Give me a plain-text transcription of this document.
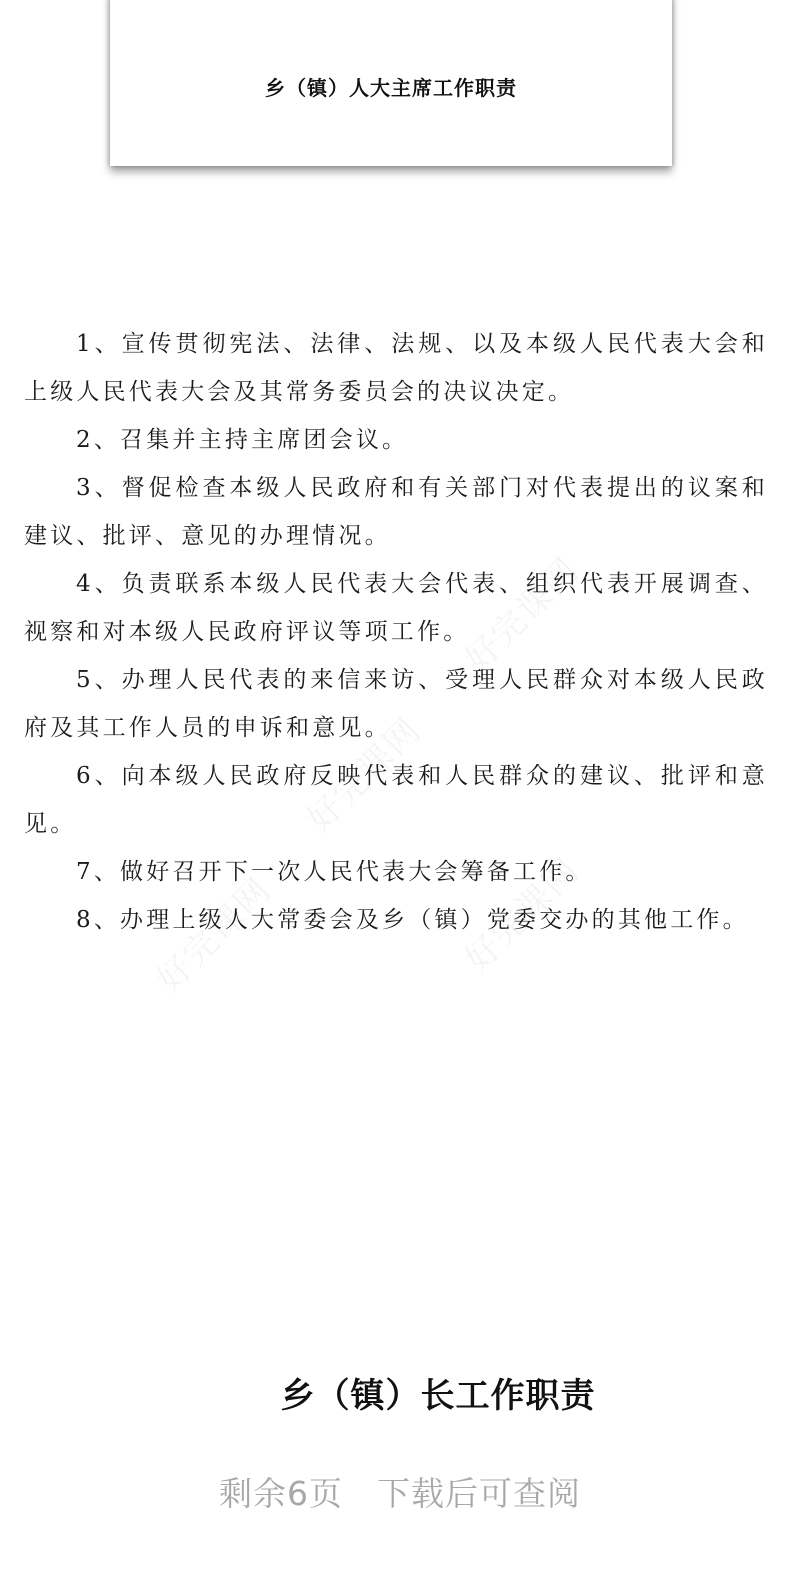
乡（镇）人大主席工作职责

1、宣传贯彻宪法、法律、法规、以及本级人民代表大会和上级人民代表大会及其常务委员会的决议决定。

2、召集并主持主席团会议。

3、督促检查本级人民政府和有关部门对代表提出的议案和建议、批评、意见的办理情况。

4、负责联系本级人民代表大会代表、组织代表开展调查、视察和对本级人民政府评议等项工作。

5、办理人民代表的来信来访、受理人民群众对本级人民政府及其工作人员的申诉和意见。

6、向本级人民政府反映代表和人民群众的建议、批评和意见。

7、做好召开下一次人民代表大会筹备工作。

8、办理上级人大常委会及乡（镇）党委交办的其他工作。

乡（镇）长工作职责
剩余6页 下载后可查阅
